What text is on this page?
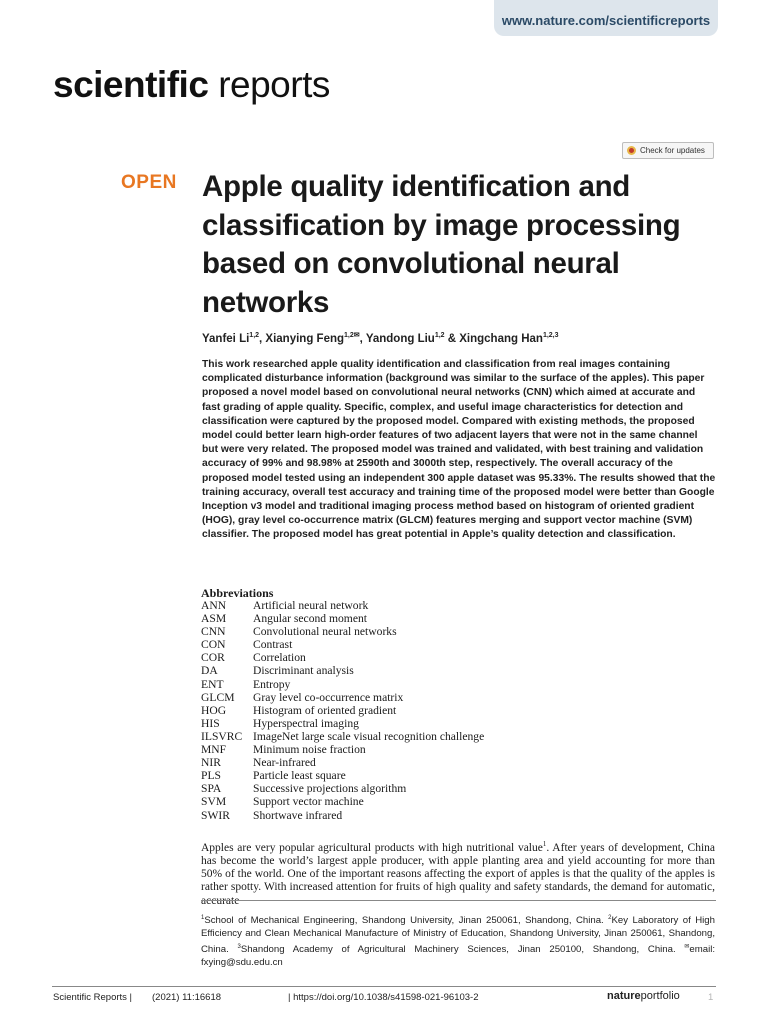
www.nature.com/scientificreports
scientific reports
Check for updates
OPEN Apple quality identification and classification by image processing based on convolutional neural networks
Yanfei Li$^{1,2}$, Xianying Feng$^{1,2✉}$, Yandong Liu$^{1,2}$ & Xingchang Han$^{1,2,3}$

This work researched apple quality identification and classification from real images containing complicated disturbance information (background was similar to the surface of the apples). This paper proposed a novel model based on convolutional neural networks (CNN) which aimed at accurate and fast grading of apple quality. Specific, complex, and useful image characteristics for detection and classification were captured by the proposed model. Compared with existing methods, the proposed model could better learn high-order features of two adjacent layers that were not in the same channel but were very related. The proposed model was trained and validated, with best training and validation accuracy of 99% and 98.98% at 2590th and 3000th step, respectively. The overall accuracy of the proposed model tested using an independent 300 apple dataset was 95.33%. The results showed that the training accuracy, overall test accuracy and training time of the proposed model were better than Google Inception v3 model and traditional imaging process method based on histogram of oriented gradient (HOG), gray level co-occurrence matrix (GLCM) features merging and support vector machine (SVM) classifier. The proposed model has great potential in Apple’s quality detection and classification.

Abbreviations
ANN	Artificial neural network
ASM	Angular second moment
CNN	Convolutional neural networks
CON	Contrast
COR	Correlation
DA	Discriminant analysis
ENT	Entropy
GLCM	Gray level co-occurrence matrix
HOG	Histogram of oriented gradient
HIS	Hyperspectral imaging
ILSVRC ImageNet large scale visual recognition challenge
MNF	Minimum noise fraction
NIR	Near-infrared
PLS	Particle least square
SPA	Successive projections algorithm
SVM	Support vector machine
SWIR	Shortwave infrared

Apples are very popular agricultural products with high nutritional value$^1$. After years of development, China has become the world’s largest apple producer, with apple planting area and yield accounting for more than 50% of the world. One of the important reasons affecting the export of apples is that the quality of the apples is rather spotty. With increased attention for fruits of high quality and safety standards, the demand for automatic, accurate

$^1$School of Mechanical Engineering, Shandong University, Jinan 250061, Shandong, China. $^2$Key Laboratory of High Efficiency and Clean Mechanical Manufacture of Ministry of Education, Shandong University, Jinan 250061, Shandong, China. $^3$Shandong Academy of Agricultural Machinery Sciences, Jinan 250100, Shandong, China. ✉email: fxying@sdu.edu.cn

Scientific Reports | (2021) 11:16618	| https://doi.org/10.1038/s41598-021-96103-2	natureportfolio	1
